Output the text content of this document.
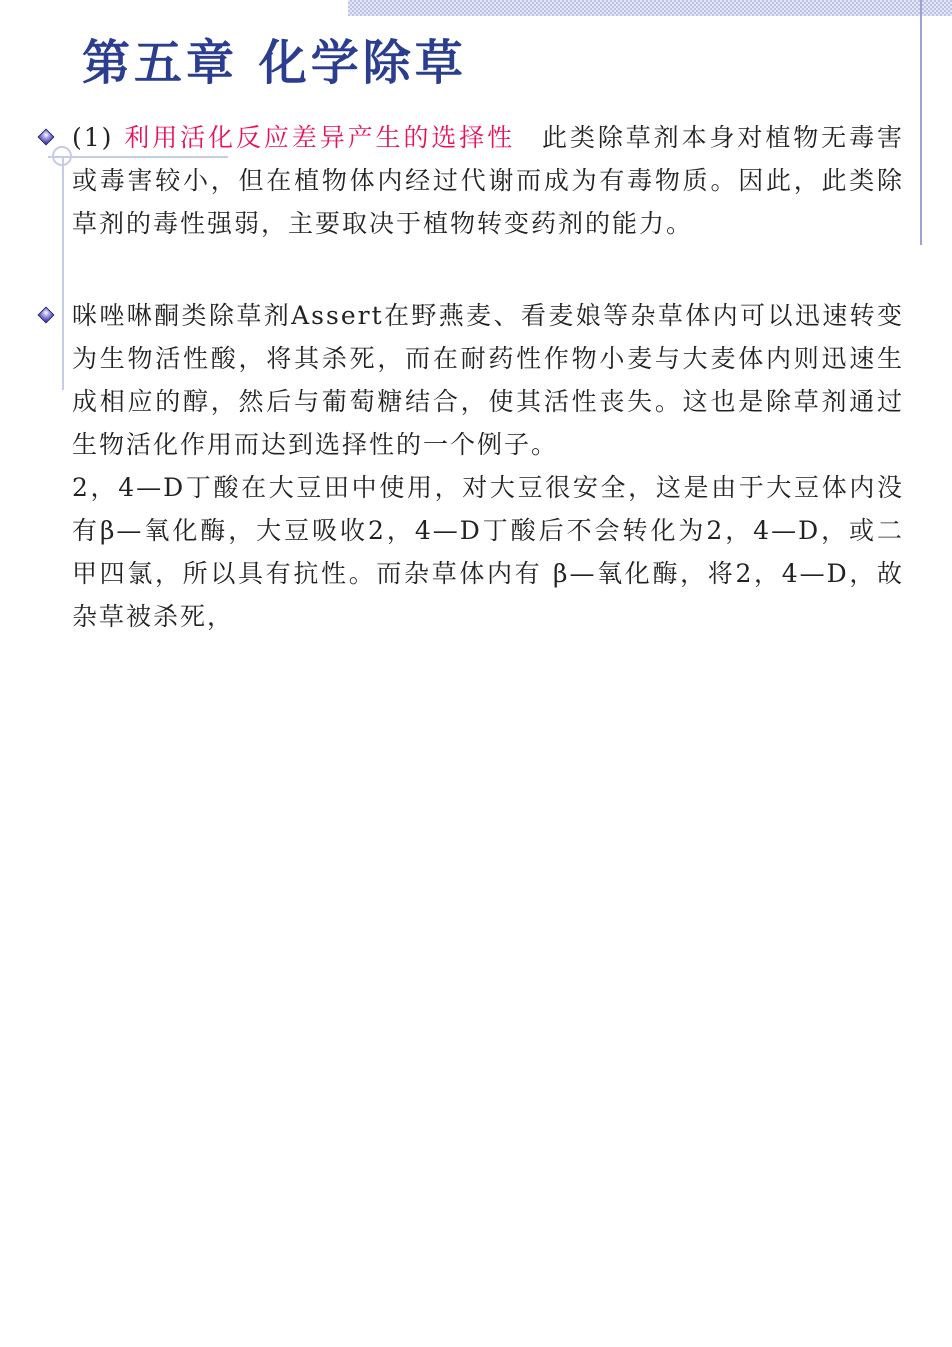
第五章 化学除草

(1) 利用活化反应差异产生的选择性 此类除草剂本身对植物无毒害或毒害较小，但在植物体内经过代谢而成为有毒物质。因此，此类除草剂的毒性强弱，主要取决于植物转变药剂的能力。

咪唑啉酮类除草剂Assert在野燕麦、看麦娘等杂草体内可以迅速转变为生物活性酸，将其杀死，而在耐药性作物小麦与大麦体内则迅速生成相应的醇，然后与葡萄糖结合，使其活性丧失。这也是除草剂通过生物活化作用而达到选择性的一个例子。
2，4—D丁酸在大豆田中使用，对大豆很安全，这是由于大豆体内没有β—氧化酶，大豆吸收2，4—D丁酸后不会转化为2，4—D，或二甲四氯，所以具有抗性。而杂草体内有 β—氧化酶，将2，4—D，故杂草被杀死，
